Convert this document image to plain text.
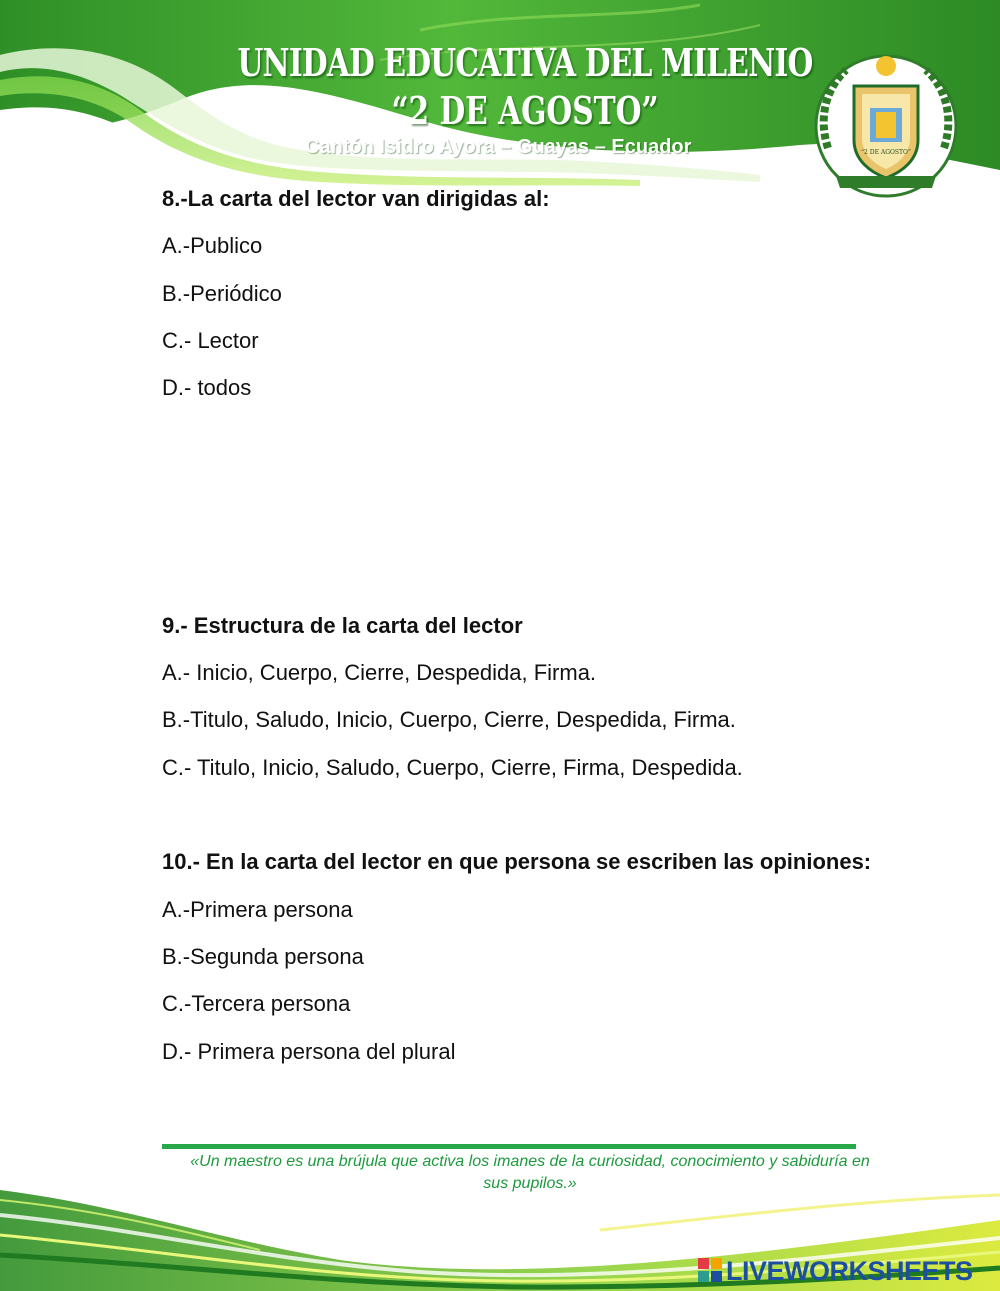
UNIDAD EDUCATIVA DEL MILENIO
“2 DE AGOSTO”
Cantón Isidro Ayora – Guayas – Ecuador	“2 DE AGOSTO”
8.-La carta del lector van dirigidas al:
A.-Publico
B.-Periódico
C.- Lector
D.- todos
9.- Estructura de la carta del lector
A.- Inicio, Cuerpo, Cierre, Despedida, Firma.
B.-Titulo, Saludo, Inicio, Cuerpo, Cierre, Despedida, Firma.
C.- Titulo, Inicio, Saludo, Cuerpo, Cierre, Firma, Despedida.
10.- En la carta del lector en que persona se escriben las opiniones:
A.-Primera persona
B.-Segunda persona
C.-Tercera persona
D.- Primera persona del plural
«Un maestro es una brújula que activa los imanes de la curiosidad, conocimiento y sabiduría en sus pupilos.»
LIVEWORKSHEETS
